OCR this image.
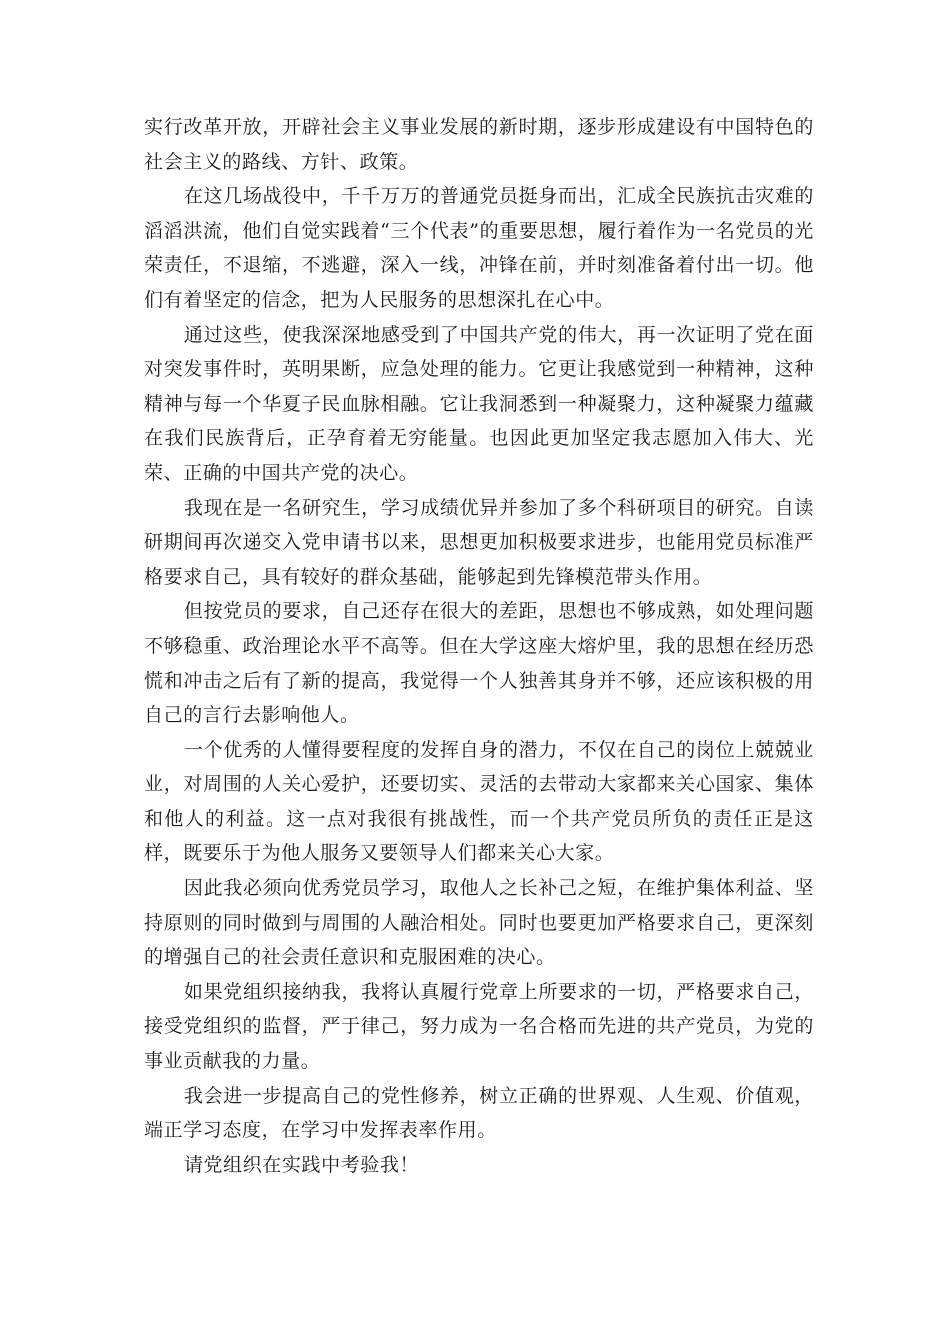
实行改革开放，开辟社会主义事业发展的新时期，逐步形成建设有中国特色的社会主义的路线、方针、政策。

在这几场战役中，千千万万的普通党员挺身而出，汇成全民族抗击灾难的滔滔洪流，他们自觉实践着“三个代表”的重要思想，履行着作为一名党员的光荣责任，不退缩，不逃避，深入一线，冲锋在前，并时刻准备着付出一切。他们有着坚定的信念，把为人民服务的思想深扎在心中。

通过这些，使我深深地感受到了中国共产党的伟大，再一次证明了党在面对突发事件时，英明果断，应急处理的能力。它更让我感觉到一种精神，这种精神与每一个华夏子民血脉相融。它让我洞悉到一种凝聚力，这种凝聚力蕴藏在我们民族背后，正孕育着无穷能量。也因此更加坚定我志愿加入伟大、光荣、正确的中国共产党的决心。

我现在是一名研究生，学习成绩优异并参加了多个科研项目的研究。自读研期间再次递交入党申请书以来，思想更加积极要求进步，也能用党员标准严格要求自己，具有较好的群众基础，能够起到先锋模范带头作用。

但按党员的要求，自己还存在很大的差距，思想也不够成熟，如处理问题不够稳重、政治理论水平不高等。但在大学这座大熔炉里，我的思想在经历恐慌和冲击之后有了新的提高，我觉得一个人独善其身并不够，还应该积极的用自己的言行去影响他人。

一个优秀的人懂得要程度的发挥自身的潜力，不仅在自己的岗位上兢兢业业，对周围的人关心爱护，还要切实、灵活的去带动大家都来关心国家、集体和他人的利益。这一点对我很有挑战性，而一个共产党员所负的责任正是这样，既要乐于为他人服务又要领导人们都来关心大家。

因此我必须向优秀党员学习，取他人之长补己之短，在维护集体利益、坚持原则的同时做到与周围的人融洽相处。同时也要更加严格要求自己，更深刻的增强自己的社会责任意识和克服困难的决心。

如果党组织接纳我，我将认真履行党章上所要求的一切，严格要求自己，接受党组织的监督，严于律己，努力成为一名合格而先进的共产党员，为党的事业贡献我的力量。

我会进一步提高自己的党性修养，树立正确的世界观、人生观、价值观，端正学习态度，在学习中发挥表率作用。

请党组织在实践中考验我！
